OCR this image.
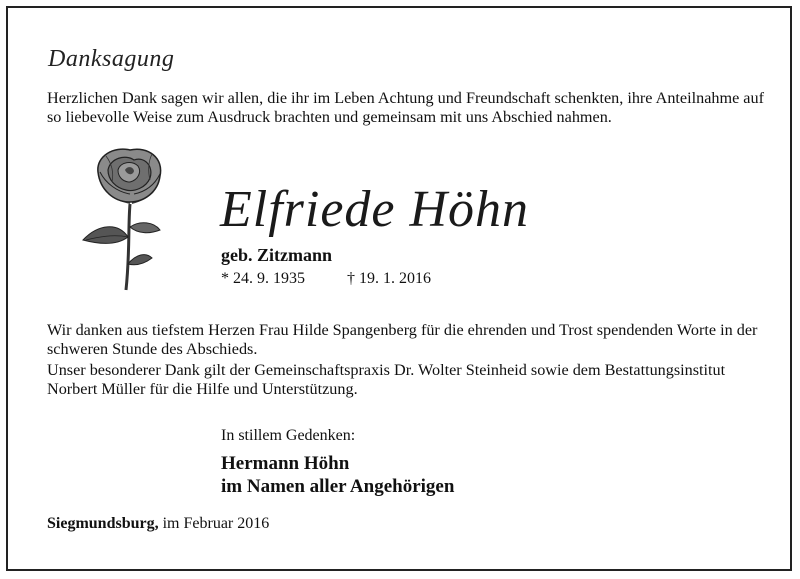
Danksagung
Herzlichen Dank sagen wir allen, die ihr im Leben Achtung und Freundschaft schenkten, ihre Anteilnahme auf so liebevolle Weise zum Ausdruck brachten und gemeinsam mit uns Abschied nahmen.
Elfriede Höhn
geb. Zitzmann
* 24. 9. 1935	† 19. 1. 2016

Wir danken aus tiefstem Herzen Frau Hilde Spangenberg für die ehrenden und Trost spendenden Worte in der schweren Stunde des Abschieds.

Unser besonderer Dank gilt der Gemeinschaftspraxis Dr. Wolter Steinheid sowie dem Bestattungsinstitut Norbert Müller für die Hilfe und Unterstützung.

In stillem Gedenken:
Hermann Höhn
im Namen aller Angehörigen
Siegmundsburg, im Februar 2016
